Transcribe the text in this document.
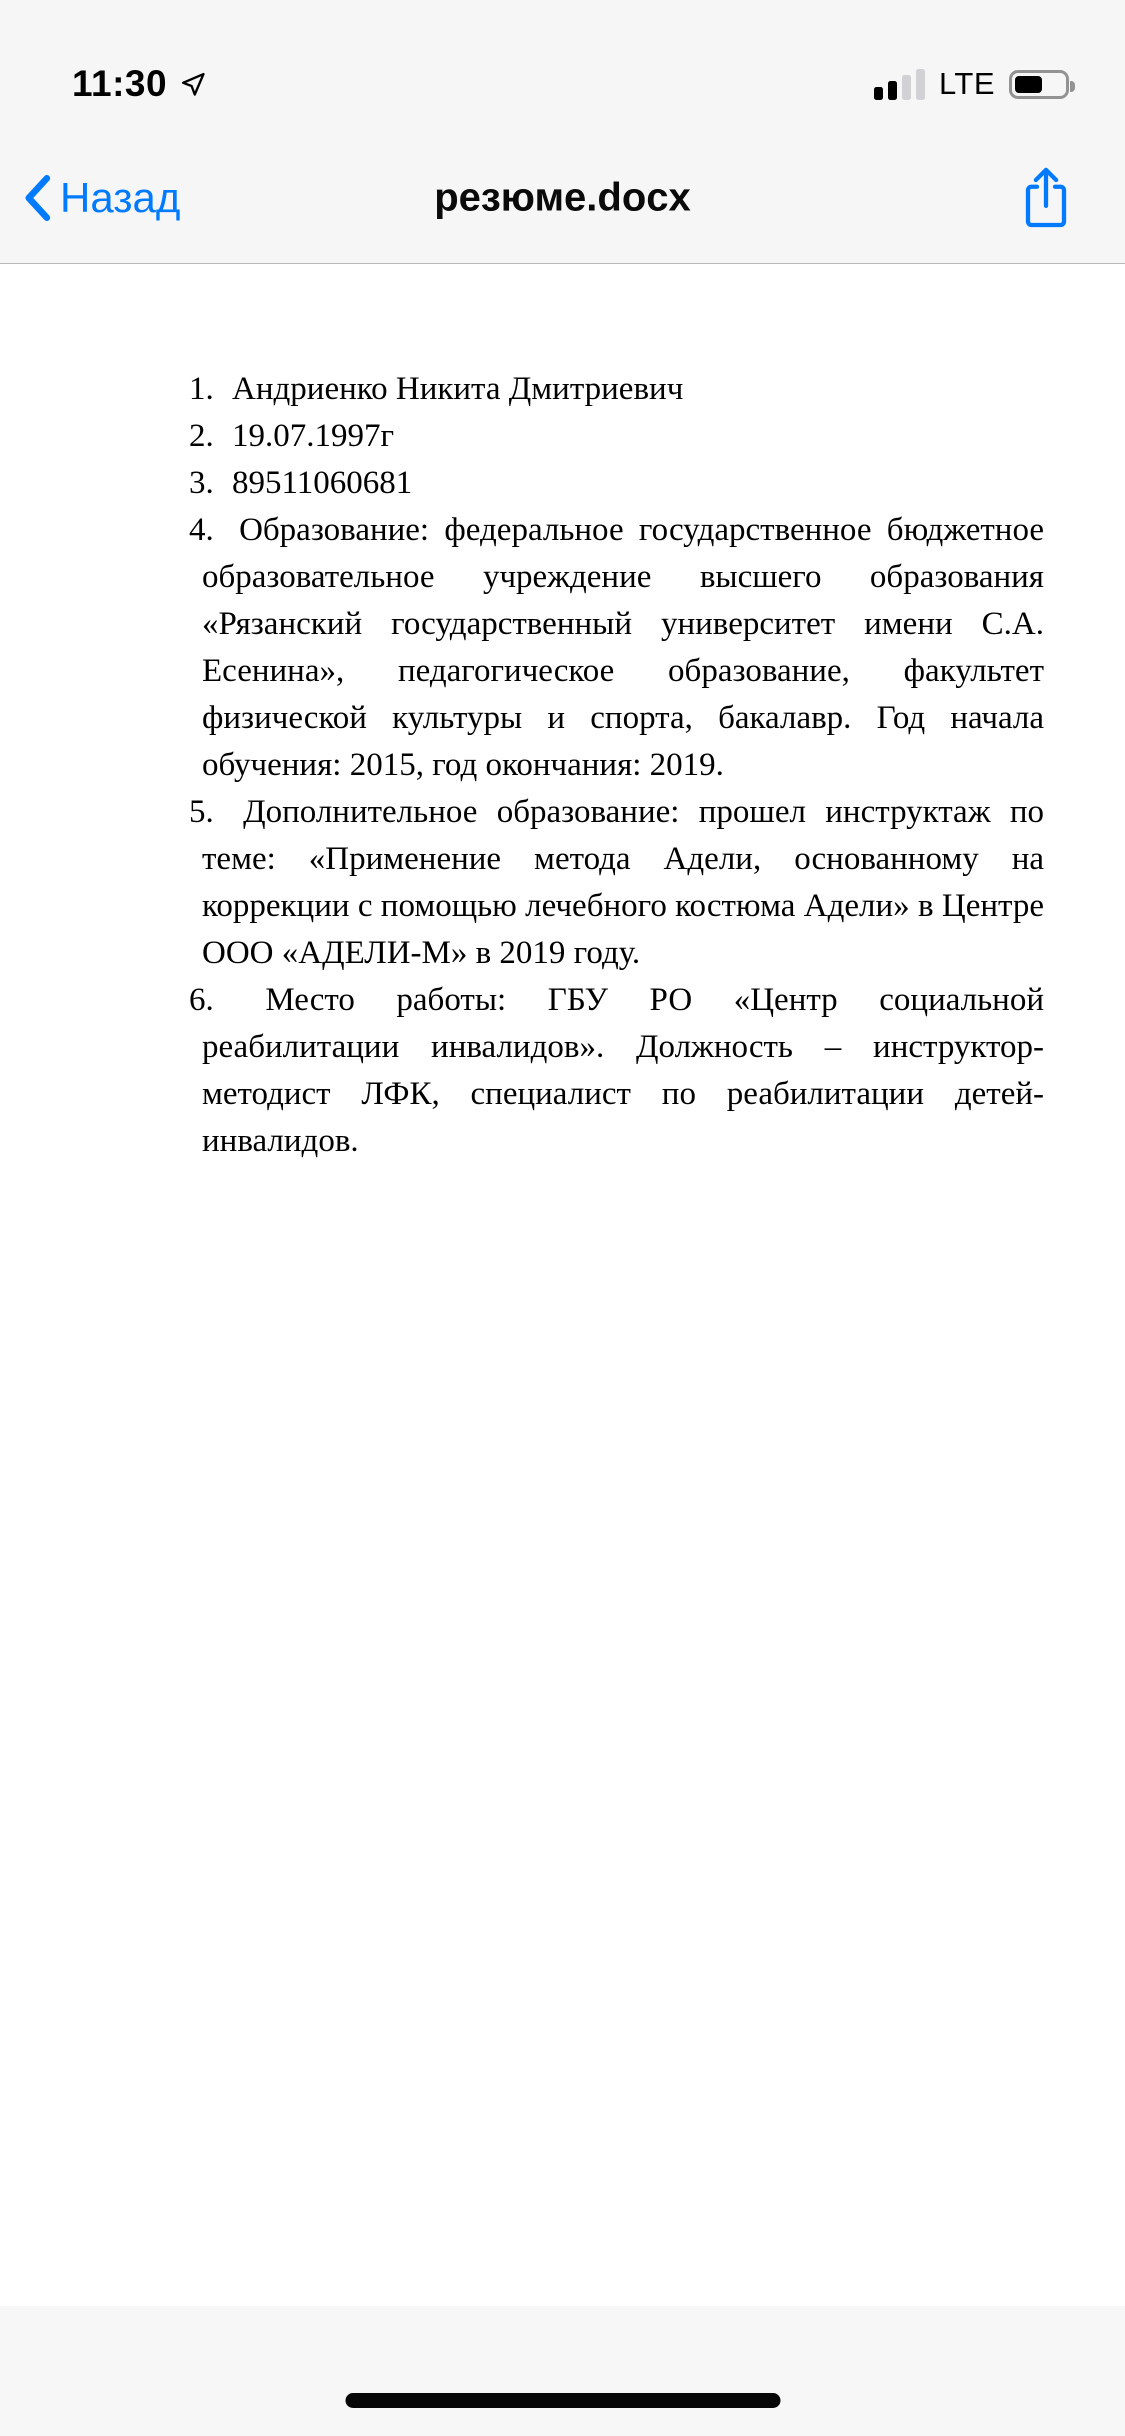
11:30	LTE
Назад	резюме.docx

1. Андриенко Никита Дмитриевич

2. 19.07.1997г

3. 89511060681

4. Образование: федеральное государственное бюджетное образовательное учреждение высшего образования «Рязанский государственный университет имени С.А. Есенина», педагогическое образование, факультет физической культуры и спорта, бакалавр. Год начала обучения: 2015, год окончания: 2019.

5. Дополнительное образование: прошел инструктаж по теме: «Применение метода Адели, основанному на коррекции с помощью лечебного костюма Адели» в Центре ООО «АДЕЛИ-М» в 2019 году.

6. Место работы: ГБУ РО «Центр социальной реабилитации инвалидов». Должность – инструктор-методист ЛФК, специалист по реабилитации детей-инвалидов.
